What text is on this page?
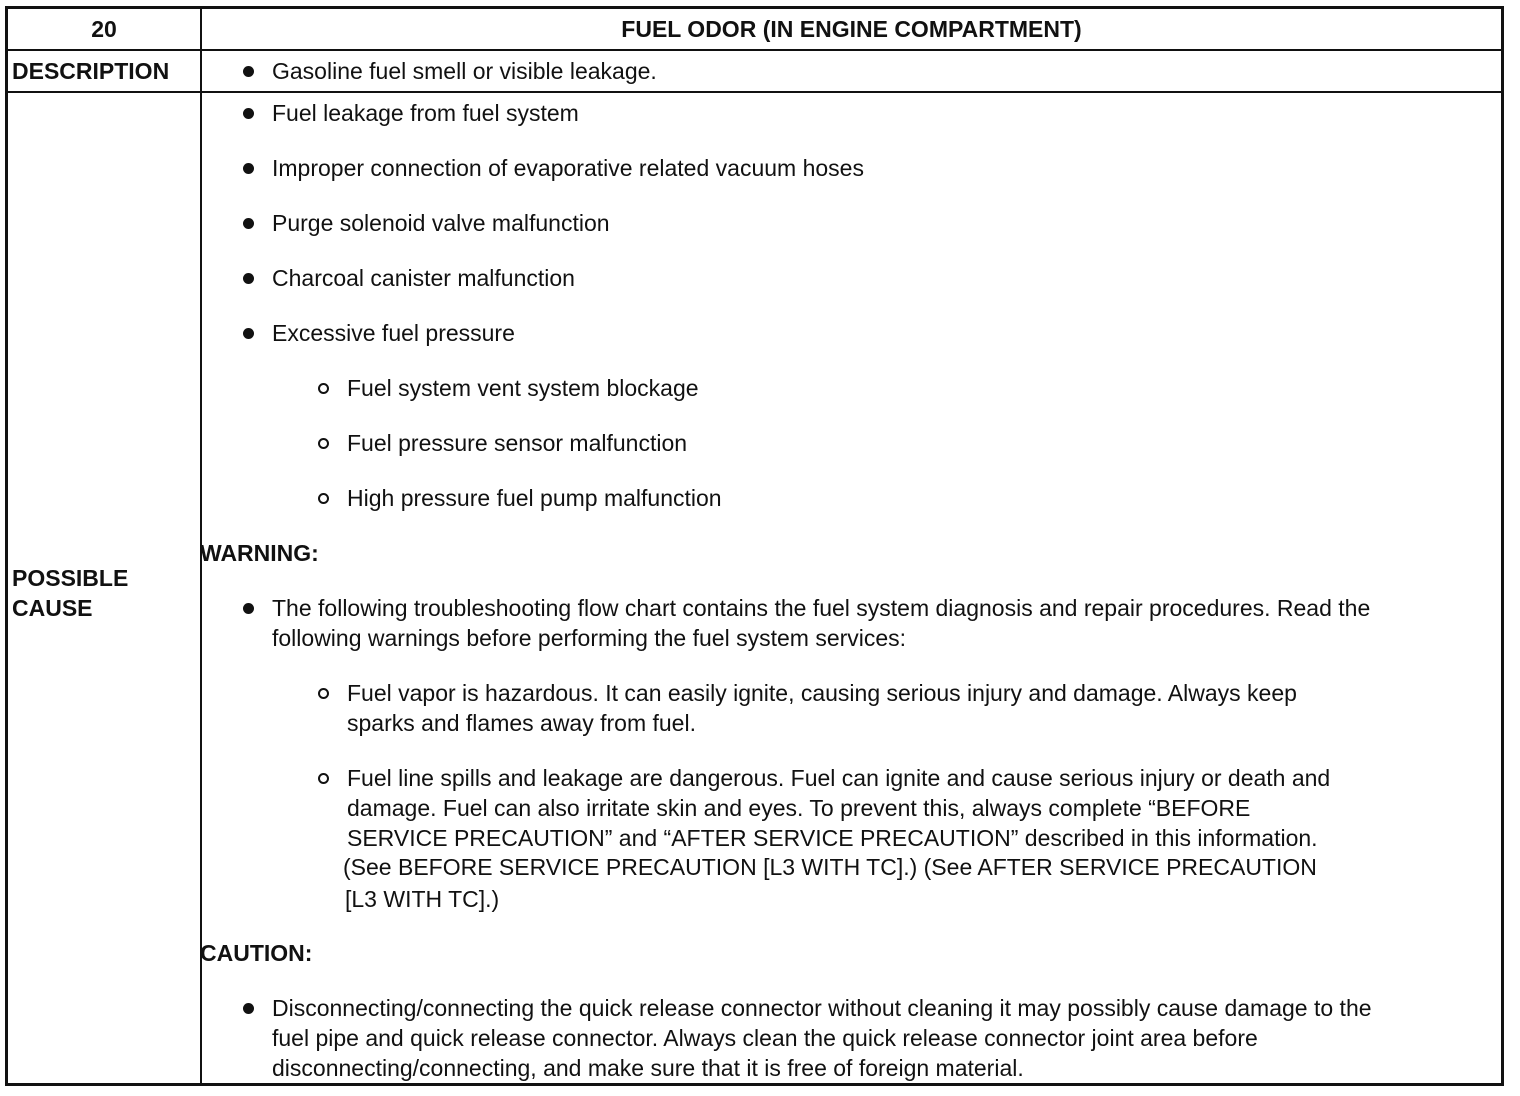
20	FUEL ODOR (IN ENGINE COMPARTMENT)
DESCRIPTION
POSSIBLE
CAUSE
Gasoline fuel smell or visible leakage.
Fuel leakage from fuel system
Improper connection of evaporative related vacuum hoses
Purge solenoid valve malfunction
Charcoal canister malfunction
Excessive fuel pressure
Fuel system vent system blockage
Fuel pressure sensor malfunction
High pressure fuel pump malfunction
WARNING:
The following troubleshooting flow chart contains the fuel system diagnosis and repair procedures. Read the
following warnings before performing the fuel system services:
Fuel vapor is hazardous. It can easily ignite, causing serious injury and damage. Always keep
sparks and flames away from fuel.
Fuel line spills and leakage are dangerous. Fuel can ignite and cause serious injury or death and
damage. Fuel can also irritate skin and eyes. To prevent this, always complete “BEFORE
SERVICE PRECAUTION” and “AFTER SERVICE PRECAUTION” described in this information.
(See BEFORE SERVICE PRECAUTION [L3 WITH TC].) (See AFTER SERVICE PRECAUTION
[L3 WITH TC].)
CAUTION:
Disconnecting/connecting the quick release connector without cleaning it may possibly cause damage to the
fuel pipe and quick release connector. Always clean the quick release connector joint area before
disconnecting/connecting, and make sure that it is free of foreign material.
